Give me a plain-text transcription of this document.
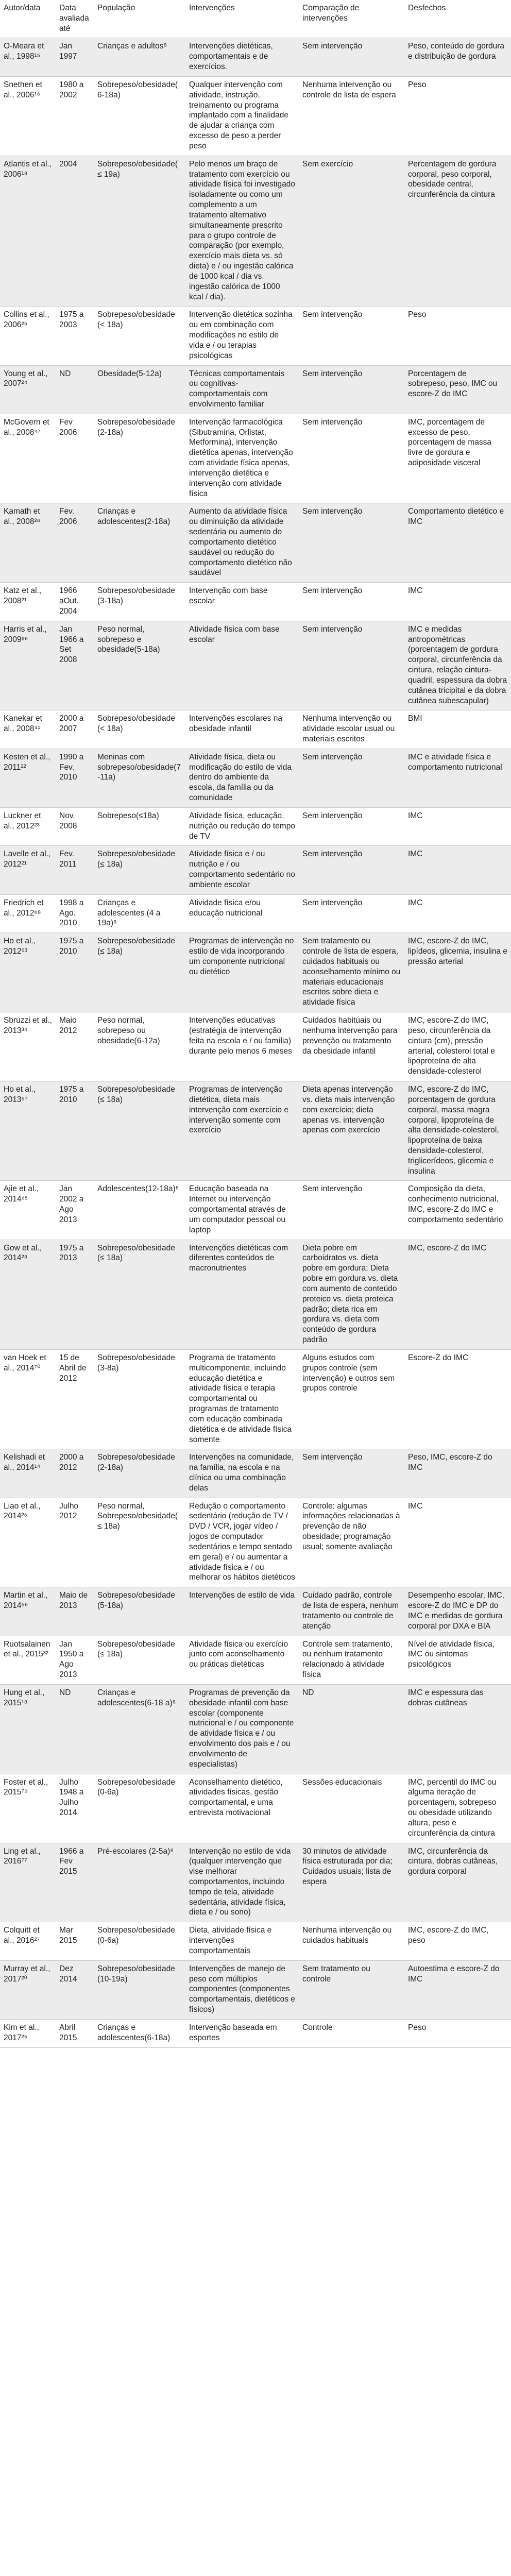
Autor/data	Data avaliada até	População	Intervenções	Comparação de intervenções	Desfechos
O-Meara et al., 1998¹⁵	Jan 1997	Crianças e adultos⁸	Intervenções dietéticas, comportamentais e de exercícios.	Sem intervenção	Peso, conteúdo de gordura e distribuição de gordura
Snethen et al., 2006¹⁶	1980 a 2002	Sobrepeso/obesidade(6-18a)	Qualquer intervenção com atividade, instrução, treinamento ou programa implantado com a finalidade de ajudar a criança com excesso de peso a perder peso	Nenhuma intervenção ou controle de lista de espera	Peso
Atlantis et al., 2006¹⁸	2004	Sobrepeso/obesidade(≤ 19a)	Pelo menos um braço de tratamento com exercício ou atividade física foi investigado isoladamente ou como um complemento a um tratamento alternativo simultaneamente prescrito para o grupo controle de comparação (por exemplo, exercício mais dieta vs. só dieta) e / ou ingestão calórica de 1000 kcal / dia vs. ingestão calórica de 1000 kcal / dia).	Sem exercício	Percentagem de gordura corporal, peso corporal, obesidade central, circunferência da cintura
Collins et al., 2006²⁵	1975 a 2003	Sobrepeso/obesidade (< 18a)	Intervenção dietética sozinha ou em combinação com modificações no estilo de vida e / ou terapias psicológicas	Sem intervenção	Peso
Young et al., 2007²⁴	ND	Obesidade(5-12a)	Técnicas comportamentais ou cognitivas-comportamentais com envolvimento familiar	Sem intervenção	Porcentagem de sobrepeso, peso, IMC ou escore-Z do IMC
McGovern et al., 2008⁴⁷	Fev 2006	Sobrepeso/obesidade (2-18a)	Intervenção farmacológica (Sibutramina, Orlistat, Metformina), intervenção dietética apenas, intervenção com atividade física apenas, intervenção dietética e intervenção com atividade física	Sem intervenção	IMC, porcentagem de excesso de peso, porcentagem de massa livre de gordura e adiposidade visceral
Kamath et al., 2008²⁶	Fev. 2006	Crianças e adolescentes(2-18a)	Aumento da atividade física ou diminuição da atividade sedentária ou aumento do comportamento dietético saudável ou redução do comportamento dietético não saudável	Sem intervenção	Comportamento dietético e IMC
Katz et al., 2008²¹	1966 aOut. 2004	Sobrepeso/obesidade (3-18a)	Intervenção com base escolar	Sem intervenção	IMC
Harris et al., 2009⁶⁶	Jan 1966 a Set 2008	Peso normal, sobrepeso e obesidade(5-18a)	Atividade física com base escolar	Sem intervenção	IMC e medidas antropométricas (porcentagem de gordura corporal, circunferência da cintura, relação cintura-quadril, espessura da dobra cutânea tricipital e da dobra cutânea subescapular)
Kanekar et al., 2008⁴¹	2000 a 2007	Sobrepeso/obesidade (< 18a)	Intervenções escolares na obesidade infantil	Nenhuma intervenção ou atividade escolar usual ou materiais escritos	BMI
Kesten et al., 2011²²	1990 a Fev. 2010	Meninas com sobrepeso/obesidade(7-11a)	Atividade física, dieta ou modificação do estilo de vida dentro do ambiente da escola, da família ou da comunidade	Sem intervenção	IMC e atividade física e comportamento nutricional
Luckner et al., 2012²³	Nov. 2008	Sobrepeso(≤18a)	Atividade física, educação, nutrição ou redução do tempo de TV	Sem intervenção	IMC
Lavelle et al., 2012²¹	Fev. 2011	Sobrepeso/obesidade (≤ 18a)	Atividade física e / ou nutrição e / ou comportamento sedentário no ambiente escolar	Sem intervenção	IMC
Friedrich et al., 2012⁶⁸	1998 a Ago. 2010	Crianças e adolescentes (4 a 19a)⁸	Atividade física e/ou educação nutricional	Sem intervenção	IMC
Ho et al., 2012⁵³	1975 a 2010	Sobrepeso/obesidade (≤ 18a)	Programas de intervenção no estilo de vida incorporando um componente nutricional ou dietético	Sem tratamento ou controle de lista de espera, cuidados habituais ou aconselhamento mínimo ou materiais educacionais escritos sobre dieta e atividade física	IMC, escore-Z do IMC, lipídeos, glicemia, insulina e pressão arterial
Sbruzzi et al., 2013³⁴	Maio 2012	Peso normal, sobrepeso ou obesidade(6-12a)	Intervenções educativas (estratégia de intervenção feita na escola e / ou família) durante pelo menos 6 meses	Cuidados habituais ou nenhuma intervenção para prevenção ou tratamento da obesidade infantil	IMC, escore-Z do IMC, peso, circunferência da cintura (cm), pressão arterial, colesterol total e lipoproteína de alta densidade-colesterol
Ho et al., 2013⁵⁷	1975 a 2010	Sobrepeso/obesidade (≤ 18a)	Programas de intervenção dietética, dieta mais intervenção com exercício e intervenção somente com exercício	Dieta apenas intervenção vs. dieta mais intervenção com exercício; dieta apenas vs. intervenção apenas com exercício	IMC, escore-Z do IMC, porcentagem de gordura corporal, massa magra corporal, lipoproteína de alta densidade-colesterol, lipoproteína de baixa densidade-colesterol, triglicerídeos, glicemia e insulina
Ajie et al., 2014⁶⁵	Jan 2002 a Ago 2013	Adolescentes(12-18a)⁸	Educação baseada na Internet ou intervenção comportamental através de um computador pessoal ou laptop	Sem intervenção	Composição da dieta, conhecimento nutricional, IMC, escore-Z do IMC e comportamento sedentário
Gow et al., 2014²⁸	1975 a 2013	Sobrepeso/obesidade (≤ 18a)	Intervenções dietéticas com diferentes conteúdos de macronutrientes	Dieta pobre em carboidratos vs. dieta pobre em gordura; Dieta pobre em gordura vs. dieta com aumento de conteúdo proteico vs. dieta proteica padrão; dieta rica em gordura vs. dieta com conteúdo de gordura padrão	IMC, escore-Z do IMC
van Hoek et al., 2014⁷⁰	15 de Abril de 2012	Sobrepeso/obesidade (3-8a)	Programa de tratamento multicomponente, incluindo educação dietética e atividade física e terapia comportamental ou programas de tratamento com educação combinada dietética e de atividade física somente	Alguns estudos com grupos controle (sem intervenção) e outros sem grupos controle	Escore-Z do IMC
Kelishadi et al., 2014¹⁴	2000 a 2012	Sobrepeso/obesidade (2-18a)	Intervenções na comunidade, na família, na escola e na clínica ou uma combinação delas	Sem intervenção	Peso, IMC, escore-Z do IMC
Liao et al., 2014²⁶	Julho 2012	Peso normal, Sobrepeso/obesidade(≤ 18a)	Redução o comportamento sedentário (redução de TV / DVD / VCR, jogar vídeo / jogos de computador sedentários e tempo sentado em geral) e / ou aumentar a atividade física e / ou melhorar os hábitos dietéticos	Controle: algumas informações relacionadas à prevenção de não obesidade; programação usual; somente avaliação	IMC
Martin et al., 2014⁵⁶	Maio de 2013	Sobrepeso/obesidade (5-18a)	Intervenções de estilo de vida	Cuidado padrão, controle de lista de espera, nenhum tratamento ou controle de atenção	Desempenho escolar, IMC, escore-Z do IMC e DP do IMC e medidas de gordura corporal por DXA e BIA
Ruotsalainen et al., 2015³²	Jan 1950 a Ago 2013	Sobrepeso/obesidade (≤ 18a)	Atividade física ou exercício junto com aconselhamento ou práticas dietéticas	Controle sem tratamento, ou nenhum tratamento relacionado à atividade física	Nível de atividade física, IMC ou sintomas psicológicos
Hung et al., 2015¹⁸	ND	Crianças e adolescentes(6-18 a)⁸	Programas de prevenção da obesidade infantil com base escolar (componente nutricional e / ou componente de atividade física e / ou envolvimento dos pais e / ou envolvimento de especialistas)	ND	IMC e espessura das dobras cutâneas
Foster et al., 2015⁷⁹	Julho 1948 a Julho 2014	Sobrepeso/obesidade (0-6a)	Aconselhamento dietético, atividades físicas, gestão comportamental, e uma entrevista motivacional	Sessões educacionais	IMC, percentil do IMC ou alguma iteração de porcentagem, sobrepeso ou obesidade utilizando altura, peso e circunferência da cintura
Ling et al., 2016⁷⁷	1966 a Fev 2015	Pré-escolares (2-5a)⁸	Intervenção no estilo de vida (qualquer intervenção que vise melhorar comportamentos, incluindo tempo de tela, atividade sedentária, atividade física, dieta e / ou sono)	30 minutos de atividade física estruturada por dia; Cuidados usuais; lista de espera	IMC, circunferência da cintura, dobras cutâneas, gordura corporal
Colquitt et al., 2016²⁷	Mar 2015	Sobrepeso/obesidade (0-6a)	Dieta, atividade física e intervenções comportamentais	Nenhuma intervenção ou cuidados habituais	IMC, escore-Z do IMC, peso
Murray et al., 2017²⁰	Dez 2014	Sobrepeso/obesidade (10-19a)	Intervenções de manejo de peso com múltiplos componentes (componentes comportamentais, dietéticos e físicos)	Sem tratamento ou controle	Autoestima e escore-Z do IMC
Kim et al., 2017²⁵	Abril 2015	Crianças e adolescentes(6-18a)	Intervenção baseada em esportes	Controle	Peso
